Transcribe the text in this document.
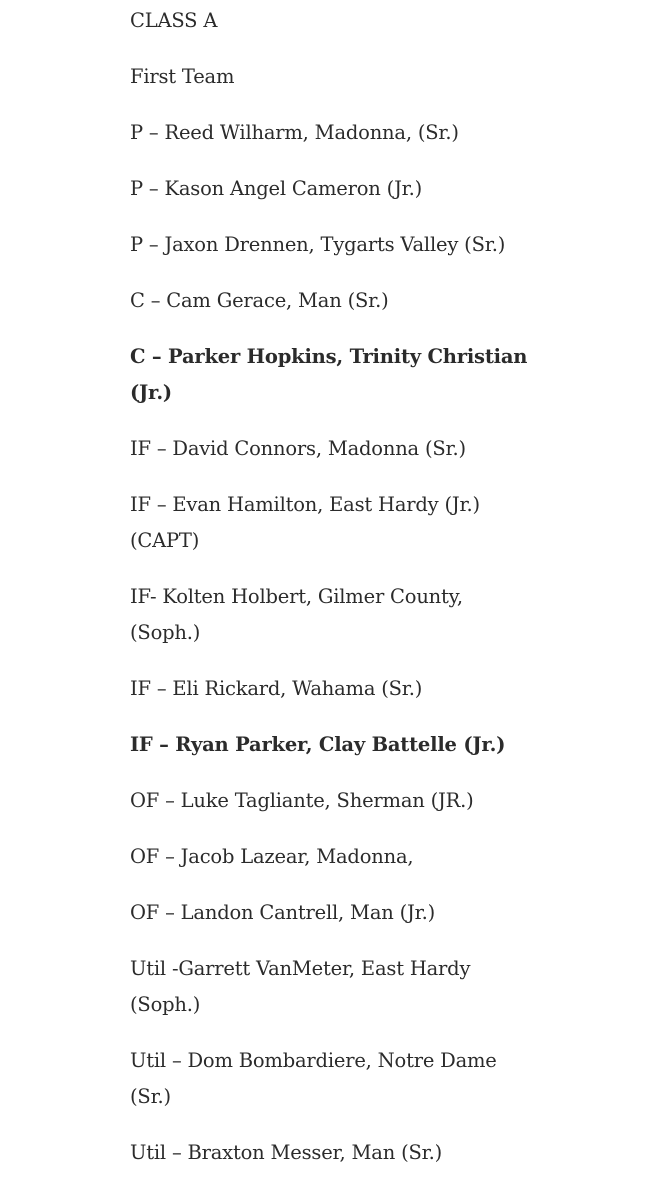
CLASS A

First Team

P – Reed Wilharm, Madonna, (Sr.)

P – Kason Angel Cameron (Jr.)

P – Jaxon Drennen, Tygarts Valley (Sr.)

C – Cam Gerace, Man (Sr.)

C – Parker Hopkins, Trinity Christian (Jr.)

IF – David Connors, Madonna (Sr.)

IF – Evan Hamilton, East Hardy (Jr.) (CAPT)

IF- Kolten Holbert, Gilmer County, (Soph.)

IF – Eli Rickard, Wahama (Sr.)

IF – Ryan Parker, Clay Battelle (Jr.)

OF – Luke Tagliante, Sherman (JR.)

OF – Jacob Lazear, Madonna,

OF – Landon Cantrell, Man (Jr.)

Util -Garrett VanMeter, East Hardy (Soph.)

Util – Dom Bombardiere, Notre Dame (Sr.)

Util – Braxton Messer, Man (Sr.)
